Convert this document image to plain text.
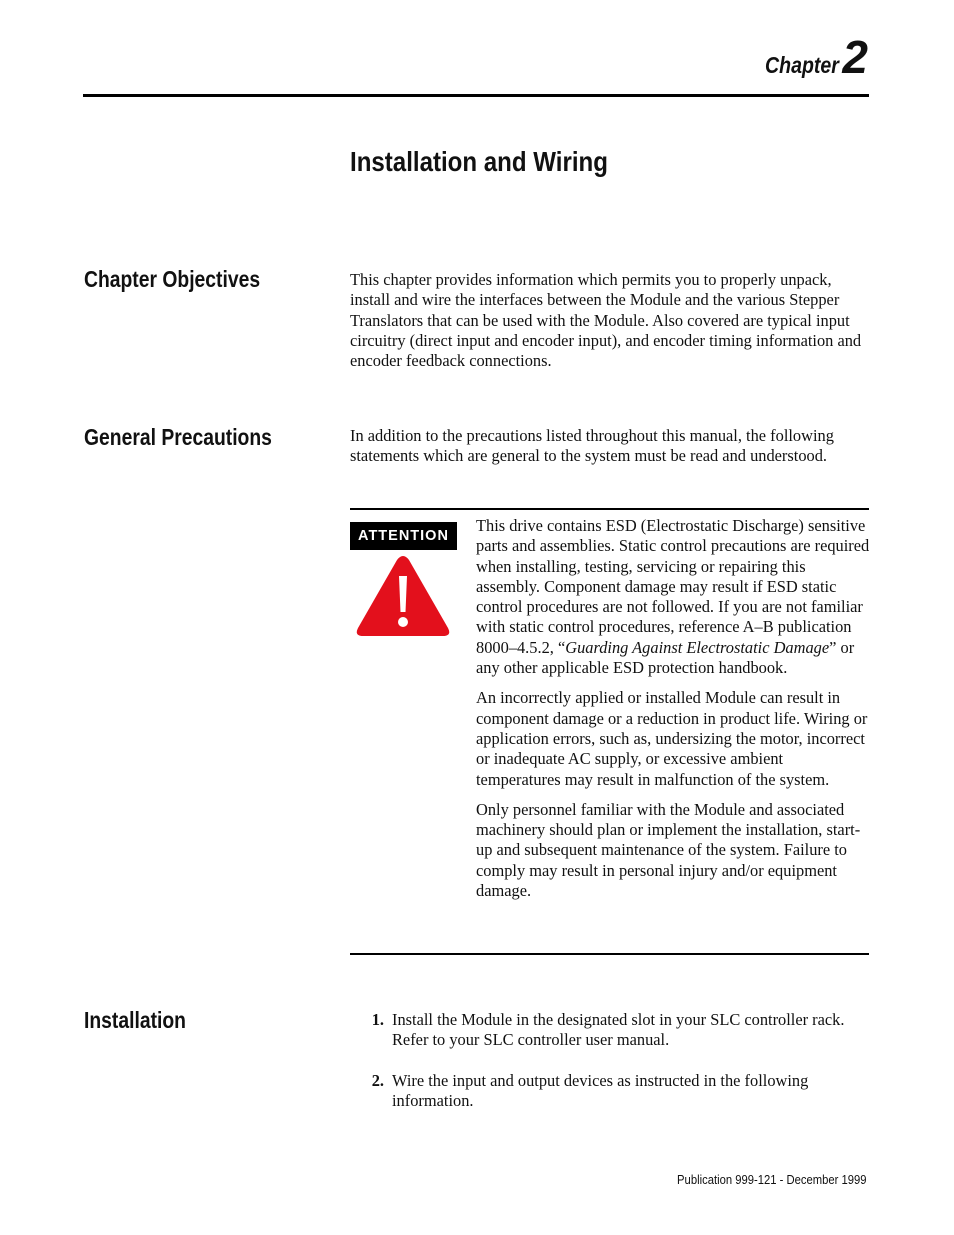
Chapter 2
Installation and Wiring
Chapter Objectives	This chapter provides information which permits you to properly unpack, install and wire the interfaces between the Module and the various Stepper Translators that can be used with the Module. Also covered are typical input circuitry (direct input and encoder input), and encoder timing information and encoder feedback connections.
General Precautions	In addition to the precautions listed throughout this manual, the following statements which are general to the system must be read and understood.
ATTENTION

This drive contains ESD (Electrostatic Discharge) sensitive parts and assemblies. Static control precautions are required when installing, testing, servicing or repairing this assembly. Component damage may result if ESD static control procedures are not followed. If you are not familiar with static control procedures, reference A–B publication 8000–4.5.2, “Guarding Against Electrostatic Damage” or any other applicable ESD protection handbook.

An incorrectly applied or installed Module can result in component damage or a reduction in product life. Wiring or application errors, such as, undersizing the motor, incorrect or inadequate AC supply, or excessive ambient temperatures may result in malfunction of the system.

Only personnel familiar with the Module and associated machinery should plan or implement the installation, start-up and subsequent maintenance of the system. Failure to comply may result in personal injury and/or equipment damage.

Installation	1. Install the Module in the designated slot in your SLC controller rack. Refer to your SLC controller user manual.
2. Wire the input and output devices as instructed in the following information.
Publication 999-121 - December 1999
